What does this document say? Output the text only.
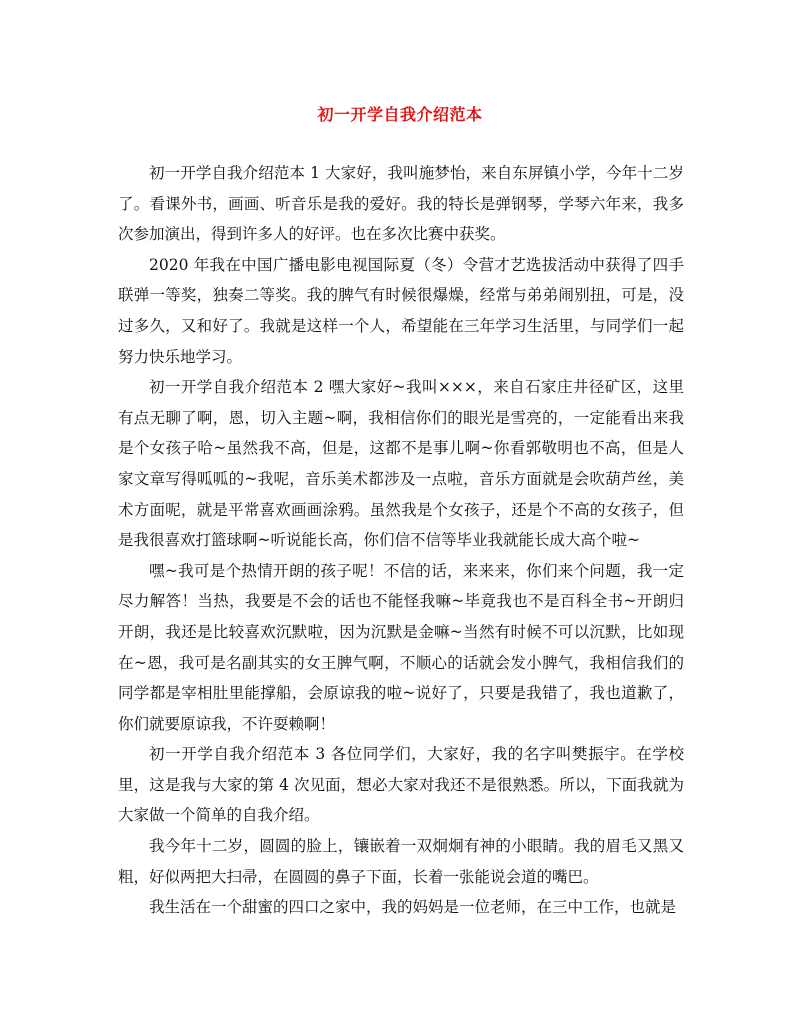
初一开学自我介绍范本

初一开学自我介绍范本 1 大家好，我叫施梦怡，来自东屏镇小学，今年十二岁了。看课外书，画画、听音乐是我的爱好。我的特长是弹钢琴，学琴六年来，我多次参加演出，得到许多人的好评。也在多次比赛中获奖。

2020 年我在中国广播电影电视国际夏（冬）令营才艺选拔活动中获得了四手联弹一等奖，独奏二等奖。我的脾气有时候很爆燥，经常与弟弟闹别扭，可是，没过多久，又和好了。我就是这样一个人，希望能在三年学习生活里，与同学们一起努力快乐地学习。

初一开学自我介绍范本 2 嘿大家好~我叫×××，来自石家庄井径矿区，这里有点无聊了啊，恩，切入主题~啊，我相信你们的眼光是雪亮的，一定能看出来我是个女孩子哈~虽然我不高，但是，这都不是事儿啊~你看郭敬明也不高，但是人家文章写得呱呱的~我呢，音乐美术都涉及一点啦，音乐方面就是会吹葫芦丝，美术方面呢，就是平常喜欢画画涂鸦。虽然我是个女孩子，还是个不高的女孩子，但是我很喜欢打篮球啊~听说能长高，你们信不信等毕业我就能长成大高个啦~

嘿~我可是个热情开朗的孩子呢！不信的话，来来来，你们来个问题，我一定尽力解答！当热，我要是不会的话也不能怪我嘛~毕竟我也不是百科全书~开朗归开朗，我还是比较喜欢沉默啦，因为沉默是金嘛~当然有时候不可以沉默，比如现在~恩，我可是名副其实的女王脾气啊，不顺心的话就会发小脾气，我相信我们的同学都是宰相肚里能撑船，会原谅我的啦~说好了，只要是我错了，我也道歉了，你们就要原谅我，不许耍赖啊！

初一开学自我介绍范本 3 各位同学们，大家好，我的名字叫樊振宇。在学校里，这是我与大家的第 4 次见面，想必大家对我还不是很熟悉。所以，下面我就为大家做一个简单的自我介绍。

我今年十二岁，圆圆的脸上，镶嵌着一双炯炯有神的小眼睛。我的眉毛又黑又粗，好似两把大扫帚，在圆圆的鼻子下面，长着一张能说会道的嘴巴。

我生活在一个甜蜜的四口之家中，我的妈妈是一位老师，在三中工作，也就是
